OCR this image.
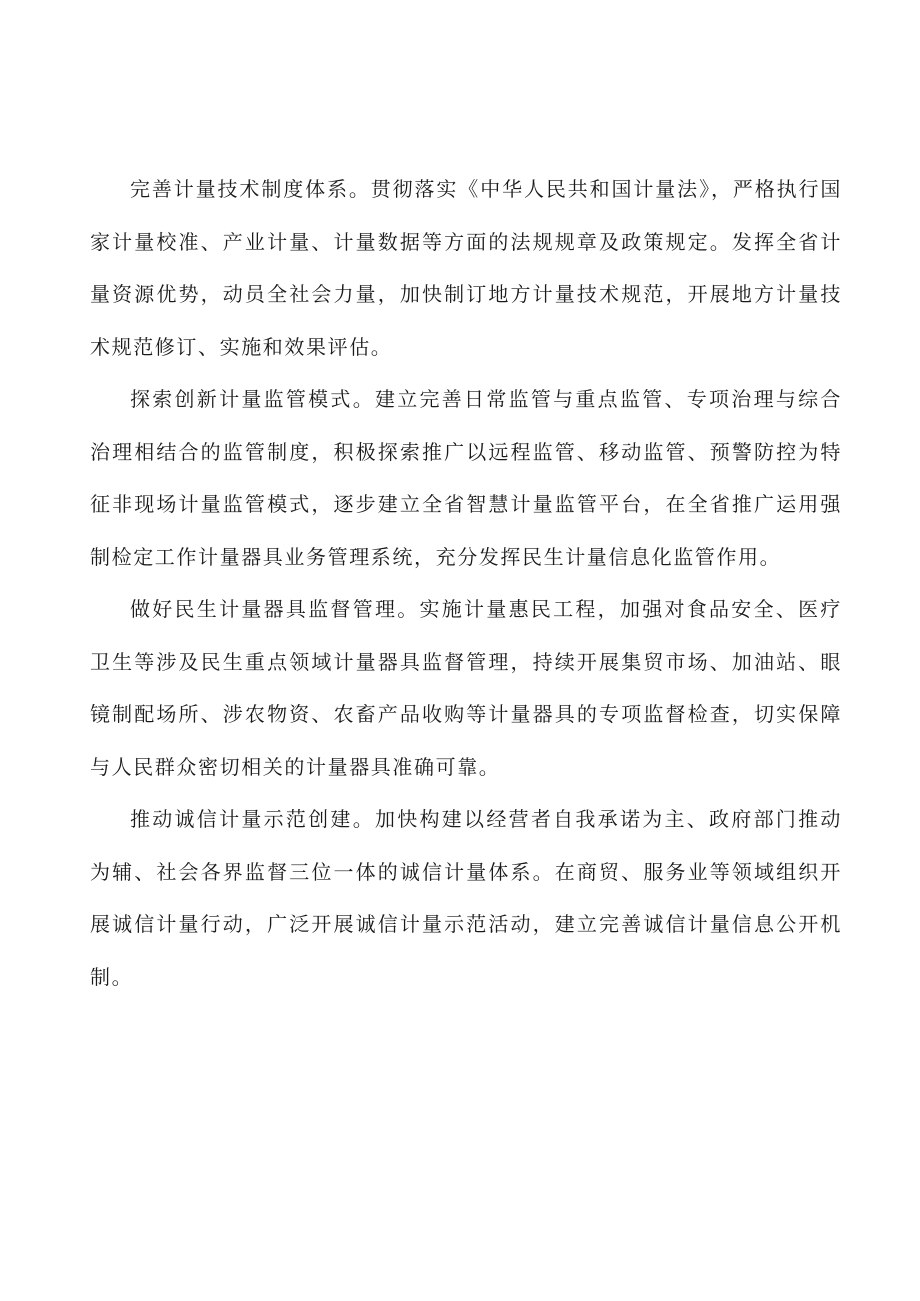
完善计量技术制度体系。贯彻落实《中华人民共和国计量法》，严格执行国家计量校准、产业计量、计量数据等方面的法规规章及政策规定。发挥全省计量资源优势，动员全社会力量，加快制订地方计量技术规范，开展地方计量技术规范修订、实施和效果评估。

探索创新计量监管模式。建立完善日常监管与重点监管、专项治理与综合治理相结合的监管制度，积极探索推广以远程监管、移动监管、预警防控为特征非现场计量监管模式，逐步建立全省智慧计量监管平台，在全省推广运用强制检定工作计量器具业务管理系统，充分发挥民生计量信息化监管作用。

做好民生计量器具监督管理。实施计量惠民工程，加强对食品安全、医疗卫生等涉及民生重点领域计量器具监督管理，持续开展集贸市场、加油站、眼镜制配场所、涉农物资、农畜产品收购等计量器具的专项监督检查，切实保障与人民群众密切相关的计量器具准确可靠。

推动诚信计量示范创建。加快构建以经营者自我承诺为主、政府部门推动为辅、社会各界监督三位一体的诚信计量体系。在商贸、服务业等领域组织开展诚信计量行动，广泛开展诚信计量示范活动，建立完善诚信计量信息公开机制。
